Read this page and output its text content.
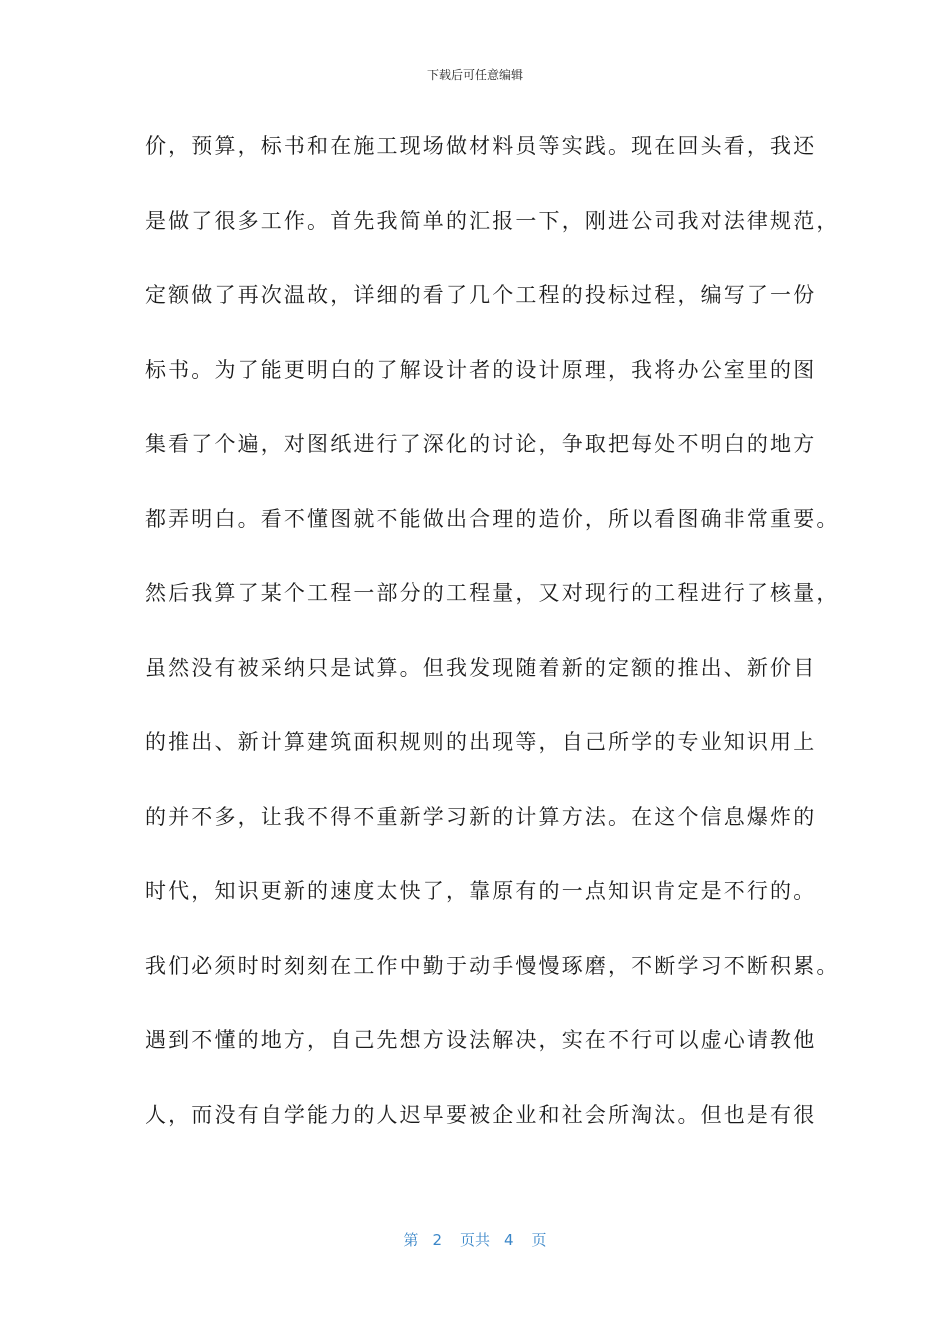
下载后可任意编辑
价，预算，标书和在施工现场做材料员等实践。现在回头看，我还
是做了很多工作。首先我简单的汇报一下，刚进公司我对法律规范，
定额做了再次温故，详细的看了几个工程的投标过程，编写了一份
标书。为了能更明白的了解设计者的设计原理，我将办公室里的图
集看了个遍，对图纸进行了深化的讨论，争取把每处不明白的地方
都弄明白。看不懂图就不能做出合理的造价，所以看图确非常重要。
然后我算了某个工程一部分的工程量，又对现行的工程进行了核量，
虽然没有被采纳只是试算。但我发现随着新的定额的推出、新价目
的推出、新计算建筑面积规则的出现等，自己所学的专业知识用上
的并不多，让我不得不重新学习新的计算方法。在这个信息爆炸的
时代，知识更新的速度太快了，靠原有的一点知识肯定是不行的。
我们必须时时刻刻在工作中勤于动手慢慢琢磨，不断学习不断积累。
遇到不懂的地方，自己先想方设法解决，实在不行可以虚心请教他
人，而没有自学能力的人迟早要被企业和社会所淘汰。但也是有很
第 2 页共 4 页
